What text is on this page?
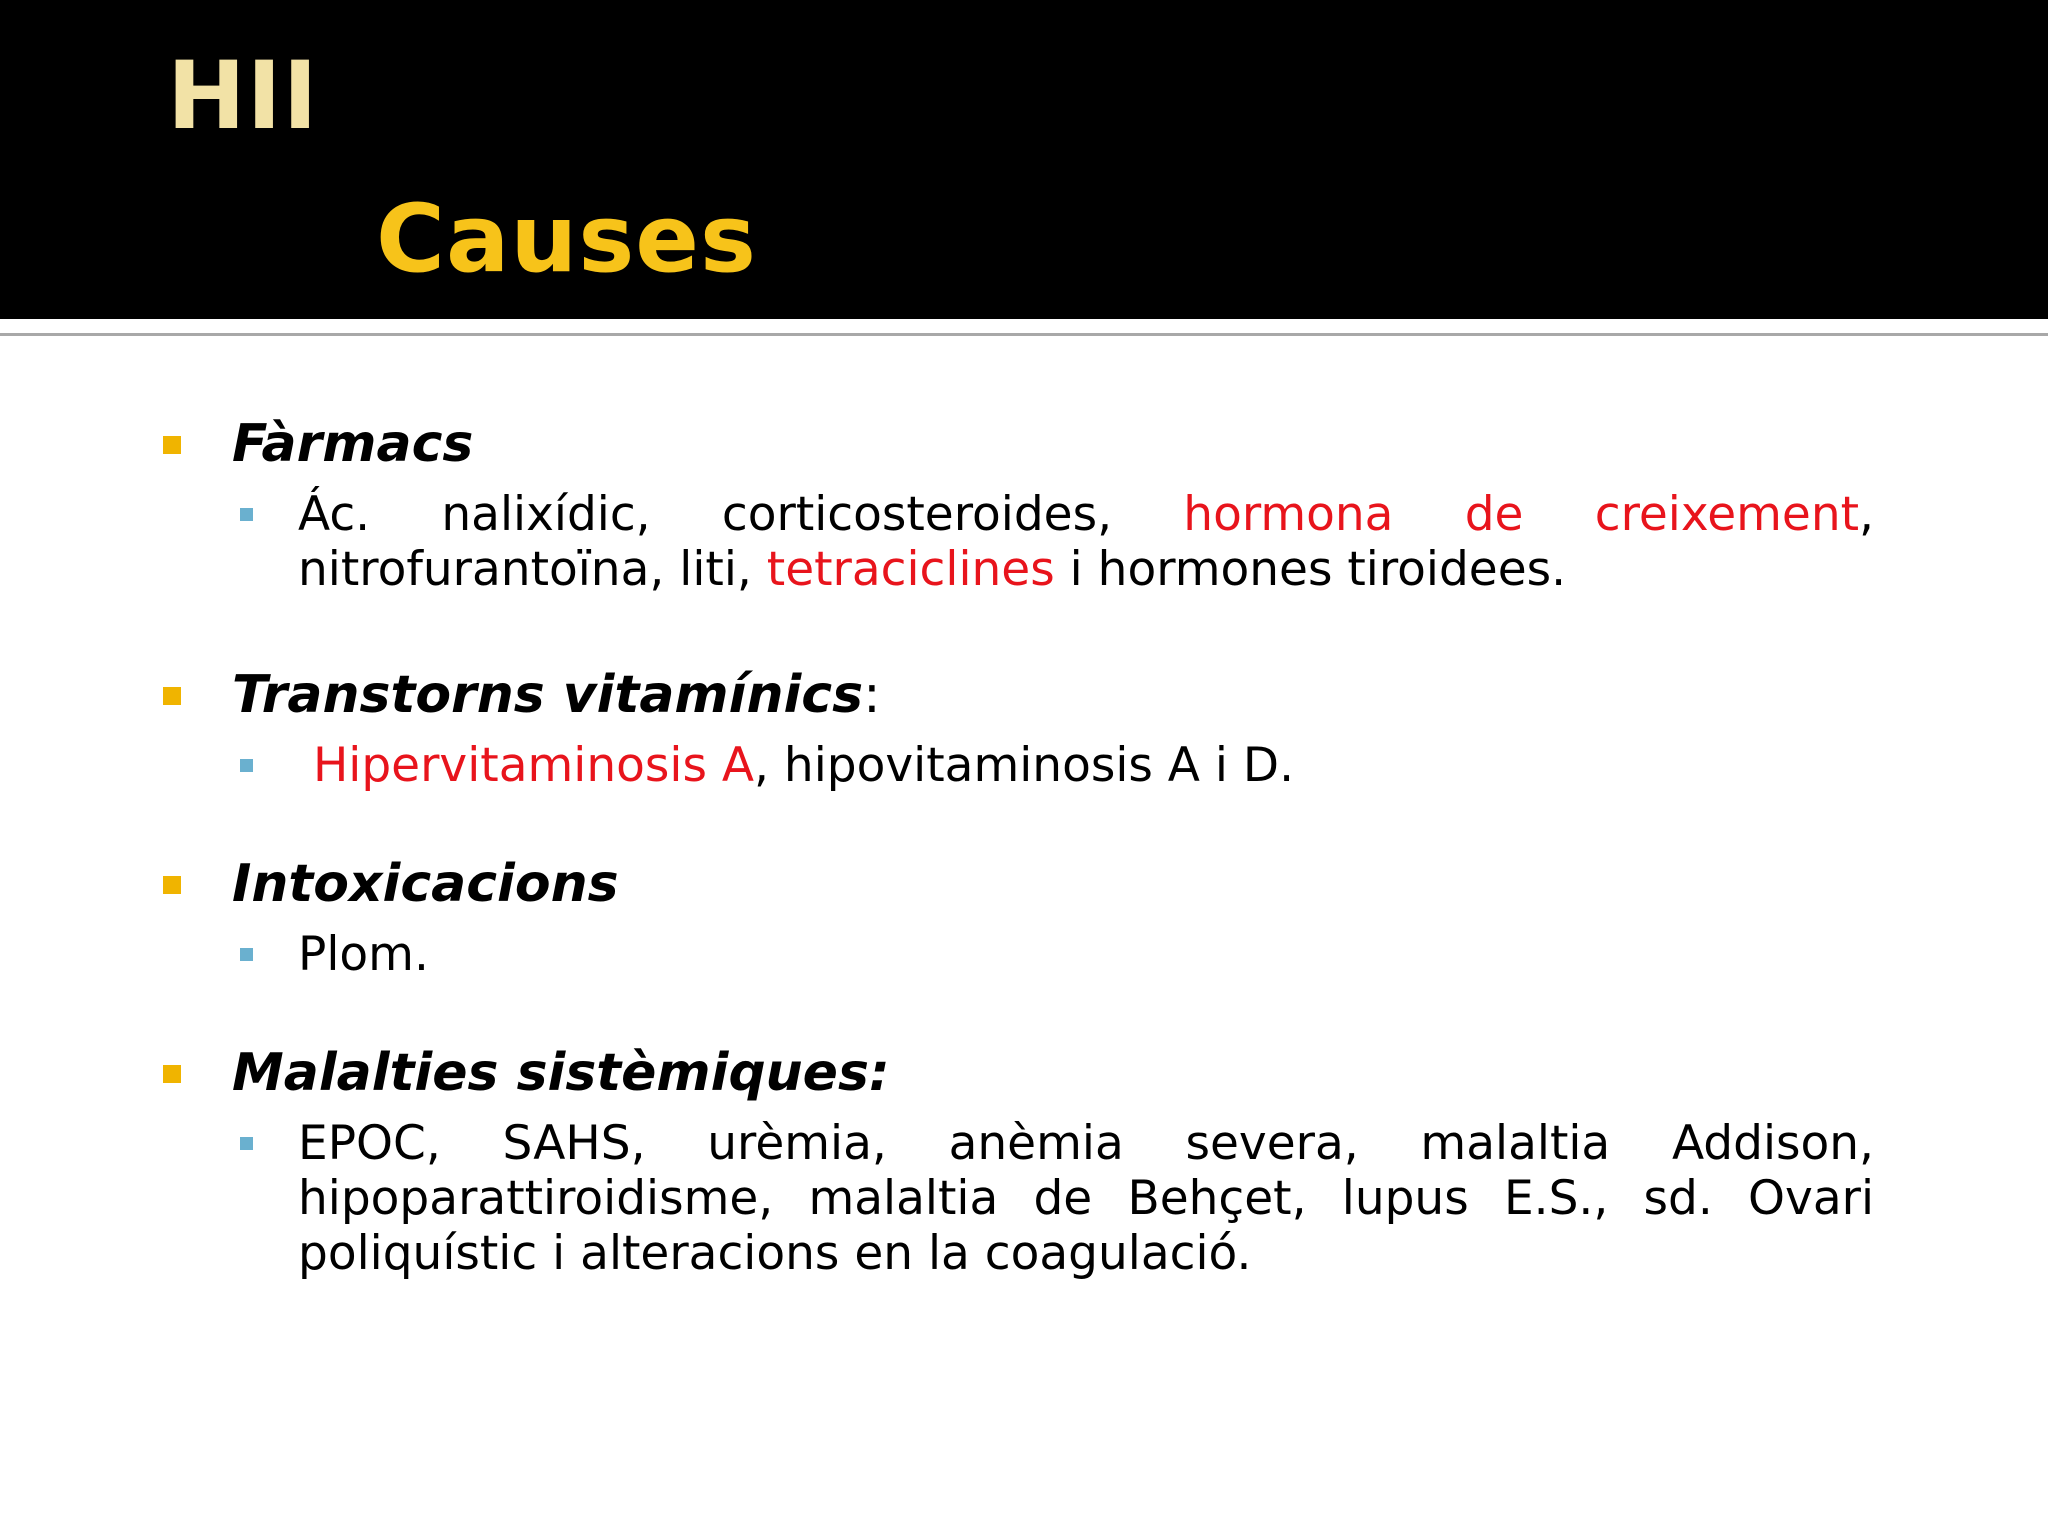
HII
Causes
Fàrmacs
Ác. nalixídic, corticosteroides, hormona de creixement, nitrofurantoïna, liti, tetraciclines i hormones tiroidees.
Transtorns vitamínics:
Hipervitaminosis A, hipovitaminosis A i D.
Intoxicacions
Plom.
Malalties sistèmiques:
EPOC, SAHS, urèmia, anèmia severa, malaltia Addison, hipoparattiroidisme, malaltia de Behçet, lupus E.S., sd. Ovari poliquístic i alteracions en la coagulació.
